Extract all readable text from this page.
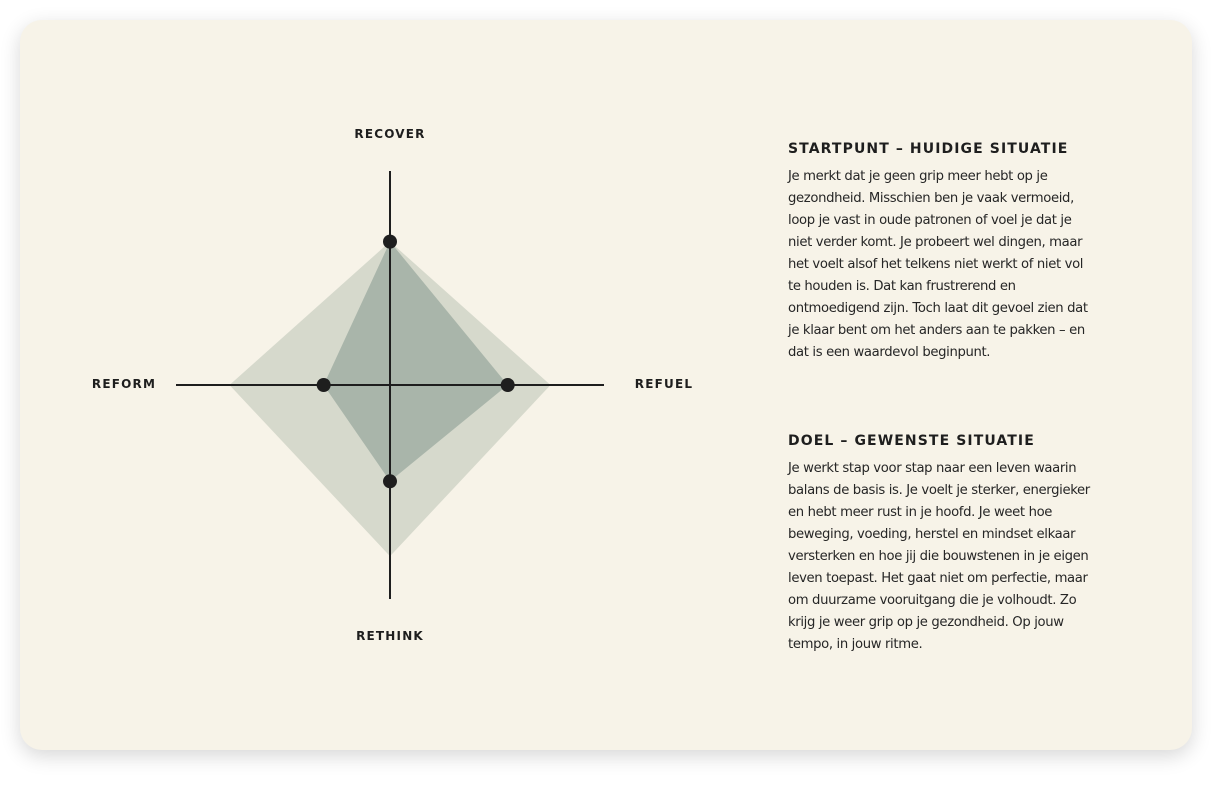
RECOVER
REFUEL
RETHINK
REFORM
STARTPUNT – HUIDIGE SITUATIE

Je merkt dat je geen grip meer hebt op je
gezondheid. Misschien ben je vaak vermoeid,
loop je vast in oude patronen of voel je dat je
niet verder komt. Je probeert wel dingen, maar
het voelt alsof het telkens niet werkt of niet vol
te houden is. Dat kan frustrerend en
ontmoedigend zijn. Toch laat dit gevoel zien dat
je klaar bent om het anders aan te pakken – en
dat is een waardevol beginpunt.

DOEL – GEWENSTE SITUATIE

Je werkt stap voor stap naar een leven waarin
balans de basis is. Je voelt je sterker, energieker
en hebt meer rust in je hoofd. Je weet hoe
beweging, voeding, herstel en mindset elkaar
versterken en hoe jij die bouwstenen in je eigen
leven toepast. Het gaat niet om perfectie, maar
om duurzame vooruitgang die je volhoudt. Zo
krijg je weer grip op je gezondheid. Op jouw
tempo, in jouw ritme.
